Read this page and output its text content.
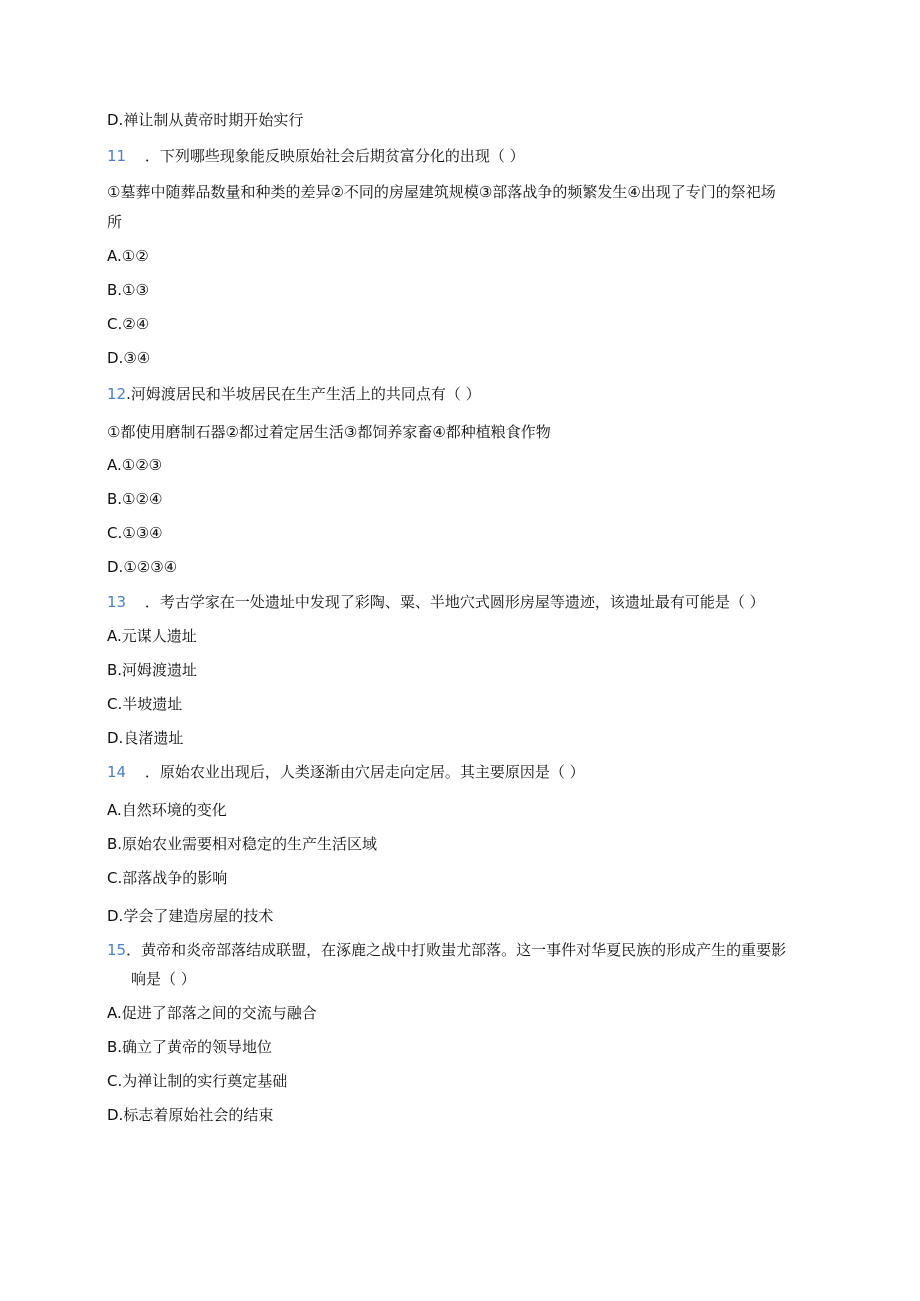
D.禅让制从黄帝时期开始实行
11 ．下列哪些现象能反映原始社会后期贫富分化的出现（ ）
①墓葬中随葬品数量和种类的差异②不同的房屋建筑规模③部落战争的频繁发生④出现了专门的祭祀场
所
A.①②
B.①③
C.②④
D.③④
12.河姆渡居民和半坡居民在生产生活上的共同点有（ ）
①都使用磨制石器②都过着定居生活③都饲养家畜④都种植粮食作物
A.①②③
B.①②④
C.①③④
D.①②③④
13 ．考古学家在一处遗址中发现了彩陶、粟、半地穴式圆形房屋等遗迹，该遗址最有可能是（ ）
A.元谋人遗址
B.河姆渡遗址
C.半坡遗址
D.良渚遗址
14 ．原始农业出现后，人类逐渐由穴居走向定居。其主要原因是（ ）
A.自然环境的变化
B.原始农业需要相对稳定的生产生活区域
C.部落战争的影响
D.学会了建造房屋的技术
15．黄帝和炎帝部落结成联盟，在涿鹿之战中打败蚩尤部落。这一事件对华夏民族的形成产生的重要影
响是（ ）
A.促进了部落之间的交流与融合
B.确立了黄帝的领导地位
C.为禅让制的实行奠定基础
D.标志着原始社会的结束
